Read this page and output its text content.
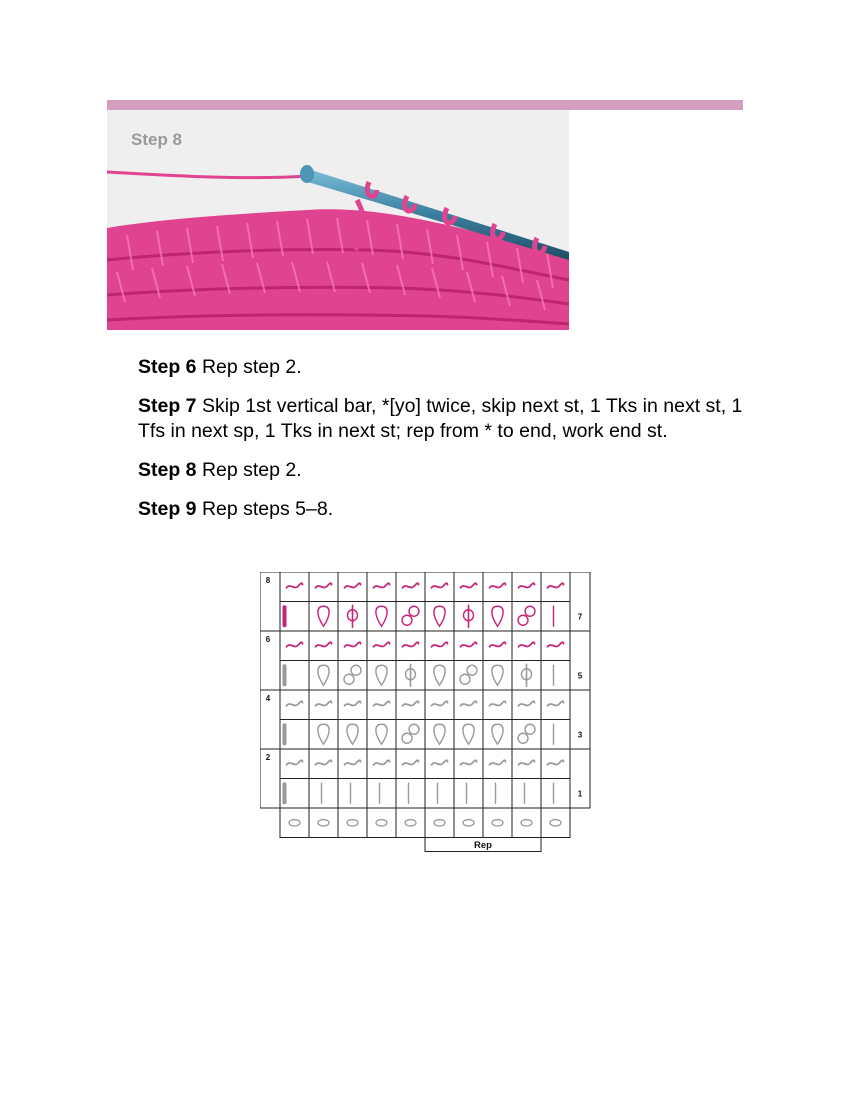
Step 8

Step 6 Rep step 2.

Step 7 Skip 1st vertical bar, *[yo] twice, skip next st, 1 Tks in next st, 1 Tfs in next sp, 1 Tks in next st; rep from * to end, work end st.

Step 8 Rep step 2.

Step 9 Rep steps 5–8.

8
7
6
5
4
3
2
1
Rep
